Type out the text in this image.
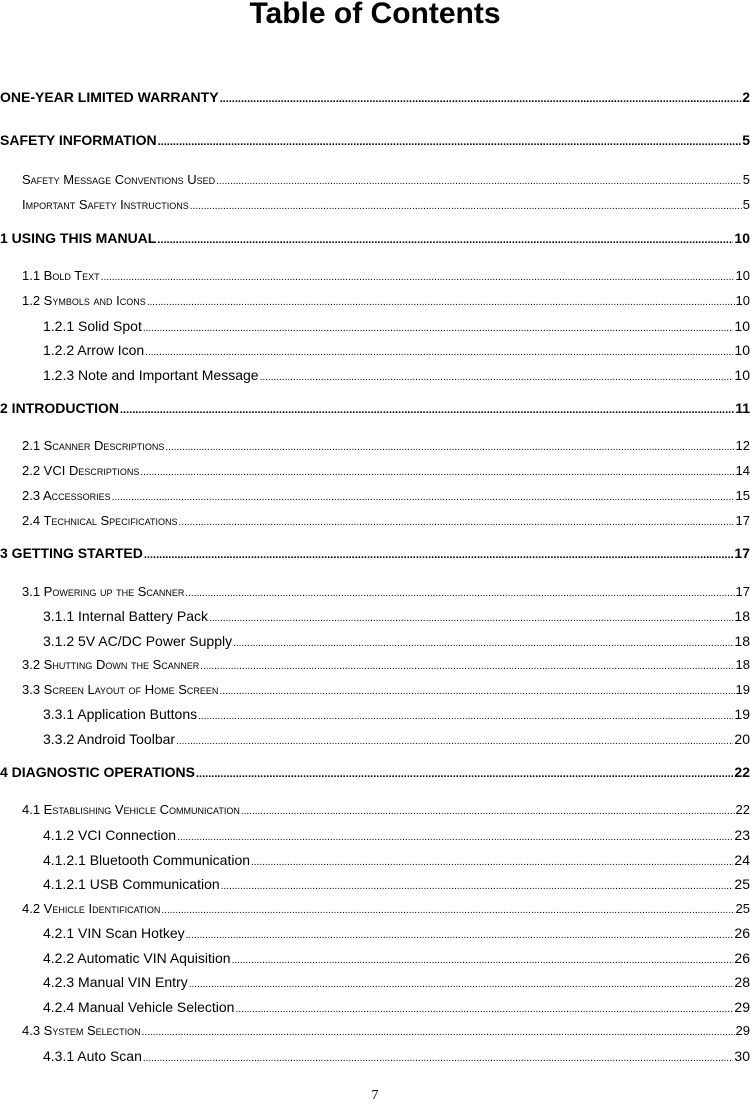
Table of Contents
ONE-YEAR LIMITED WARRANTY .....	2
SAFETY INFORMATION .....	5
Safety Message Conventions Used .....	5
Important Safety Instructions .....	5
1 USING THIS MANUAL .....	10
1.1 Bold Text .....	10
1.2 Symbols and Icons .....	10
1.2.1 Solid Spot .....	10
1.2.2 Arrow Icon .....	10
1.2.3 Note and Important Message .....	10
2 INTRODUCTION .....	11
2.1 Scanner Descriptions .....	12
2.2 VCI Descriptions .....	14
2.3 Accessories .....	15
2.4 Technical Specifications .....	17
3 GETTING STARTED .....	17
3.1 Powering up the Scanner .....	17
3.1.1 Internal Battery Pack .....	18
3.1.2 5V AC/DC Power Supply .....	18
3.2 Shutting Down the Scanner .....	18
3.3 Screen Layout of Home Screen .....	19
3.3.1 Application Buttons .....	19
3.3.2 Android Toolbar .....	20
4 DIAGNOSTIC OPERATIONS .....	22
4.1 Establishing Vehicle Communication .....	22
4.1.2 VCI Connection .....	23
4.1.2.1 Bluetooth Communication .....	24
4.1.2.1 USB Communication .....	25
4.2 Vehicle Identification .....	25
4.2.1 VIN Scan Hotkey .....	26
4.2.2 Automatic VIN Aquisition .....	26
4.2.3 Manual VIN Entry .....	28
4.2.4 Manual Vehicle Selection .....	29
4.3 System Selection .....	29
4.3.1 Auto Scan .....	30
7
